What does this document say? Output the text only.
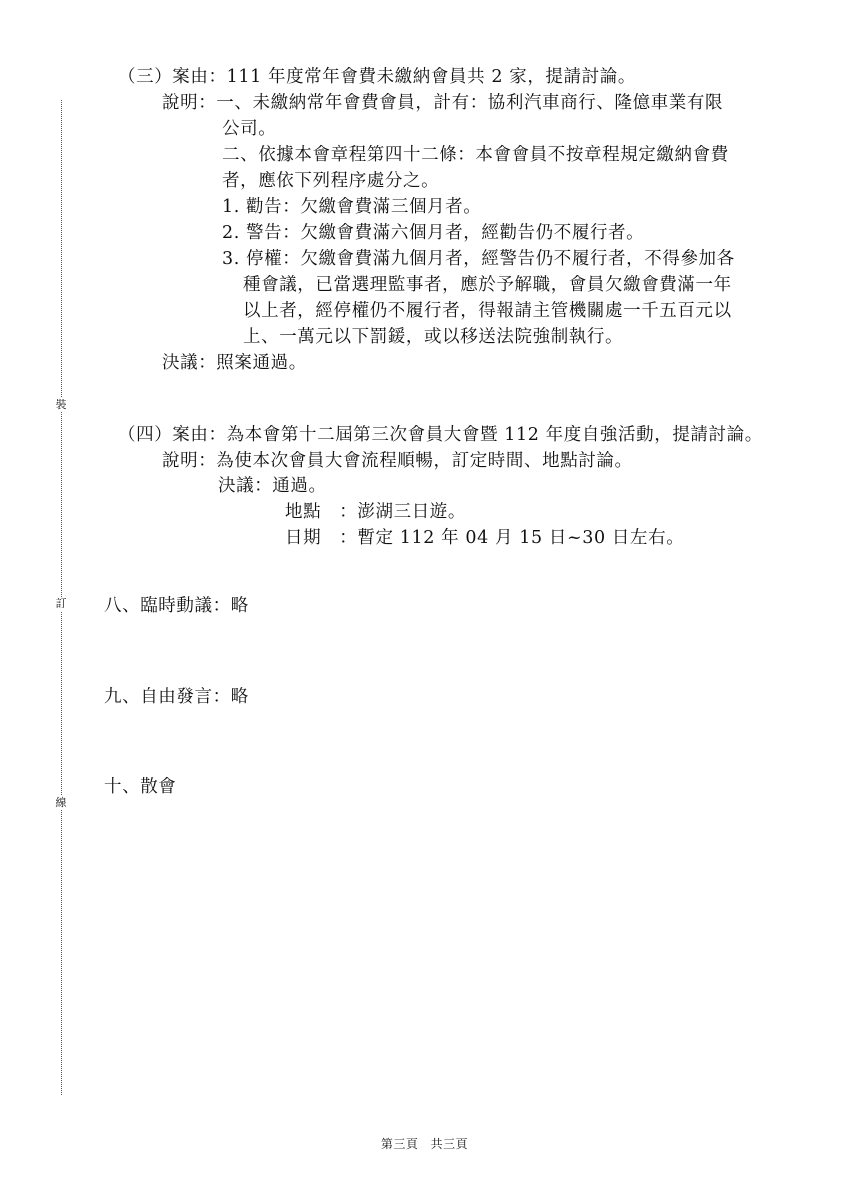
裝
訂
線
（三）案由：111 年度常年會費未繳納會員共 2 家，提請討論。
說明：一、未繳納常年會費會員，計有：協利汽車商行、隆億車業有限
公司。
二、依據本會章程第四十二條：本會會員不按章程規定繳納會費
者，應依下列程序處分之。
1. 勸告：欠繳會費滿三個月者。
2. 警告：欠繳會費滿六個月者，經勸告仍不履行者。
3. 停權：欠繳會費滿九個月者，經警告仍不履行者，不得參加各
種會議，已當選理監事者，應於予解職，會員欠繳會費滿一年
以上者，經停權仍不履行者，得報請主管機關處一千五百元以
上、一萬元以下罰鍰，或以移送法院強制執行。
決議：照案通過。
（四）案由：為本會第十二屆第三次會員大會暨 112 年度自強活動，提請討論。
說明：為使本次會員大會流程順暢，訂定時間、地點討論。
決議：通過。
地點　：澎湖三日遊。
日期　：暫定 112 年 04 月 15 日~30 日左右。
八、臨時動議：略
九、自由發言：略
十、散會
第三頁 共三頁
